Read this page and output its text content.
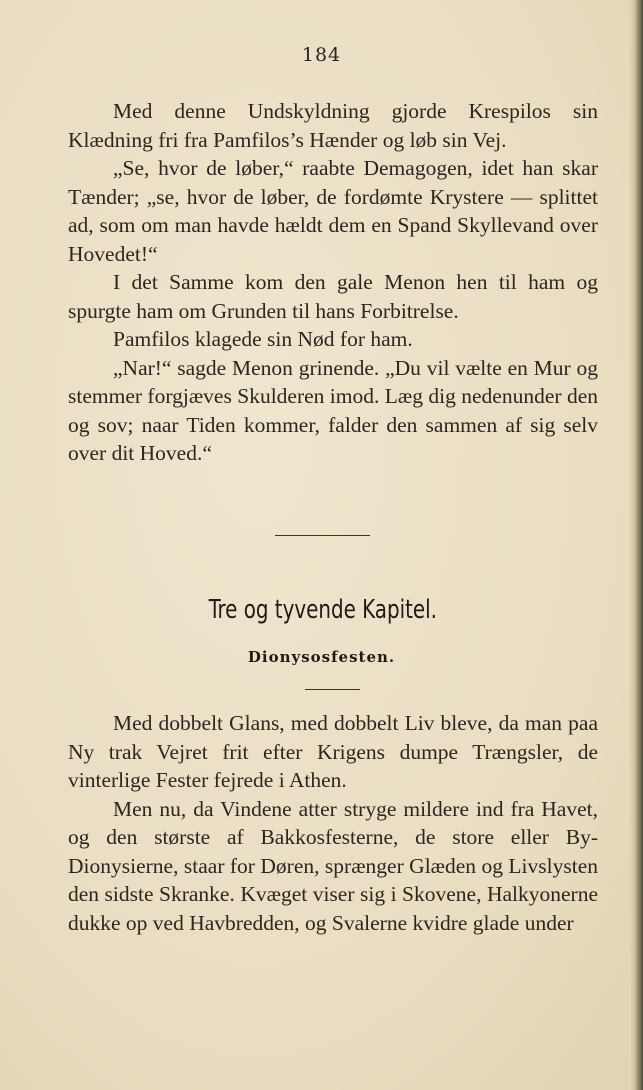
184

Med denne Undskyldning gjorde Krespilos sin Klædning fri fra Pamfilos’s Hænder og løb sin Vej.

„Se, hvor de løber,“ raabte Demagogen, idet han skar Tænder; „se, hvor de løber, de fordømte Krystere — splittet ad, som om man havde hældt dem en Spand Skyllevand over Hovedet!“

I det Samme kom den gale Menon hen til ham og spurgte ham om Grunden til hans Forbitrelse.

Pamfilos klagede sin Nød for ham.

„Nar!“ sagde Menon grinende. „Du vil vælte en Mur og stemmer forgjæves Skulderen imod. Læg dig nedenunder den og sov; naar Tiden kommer, falder den sammen af sig selv over dit Hoved.“

Tre og tyvende Kapitel.
Dionysosfesten.

Med dobbelt Glans, med dobbelt Liv bleve, da man paa Ny trak Vejret frit efter Krigens dumpe Trængsler, de vinterlige Fester fejrede i Athen.

Men nu, da Vindene atter stryge mildere ind fra Havet, og den største af Bakkosfesterne, de store eller By-Dionysierne, staar for Døren, sprænger Glæden og Livslysten den sidste Skranke. Kvæget viser sig i Skovene, Halkyonerne dukke op ved Havbredden, og Svalerne kvidre glade under
